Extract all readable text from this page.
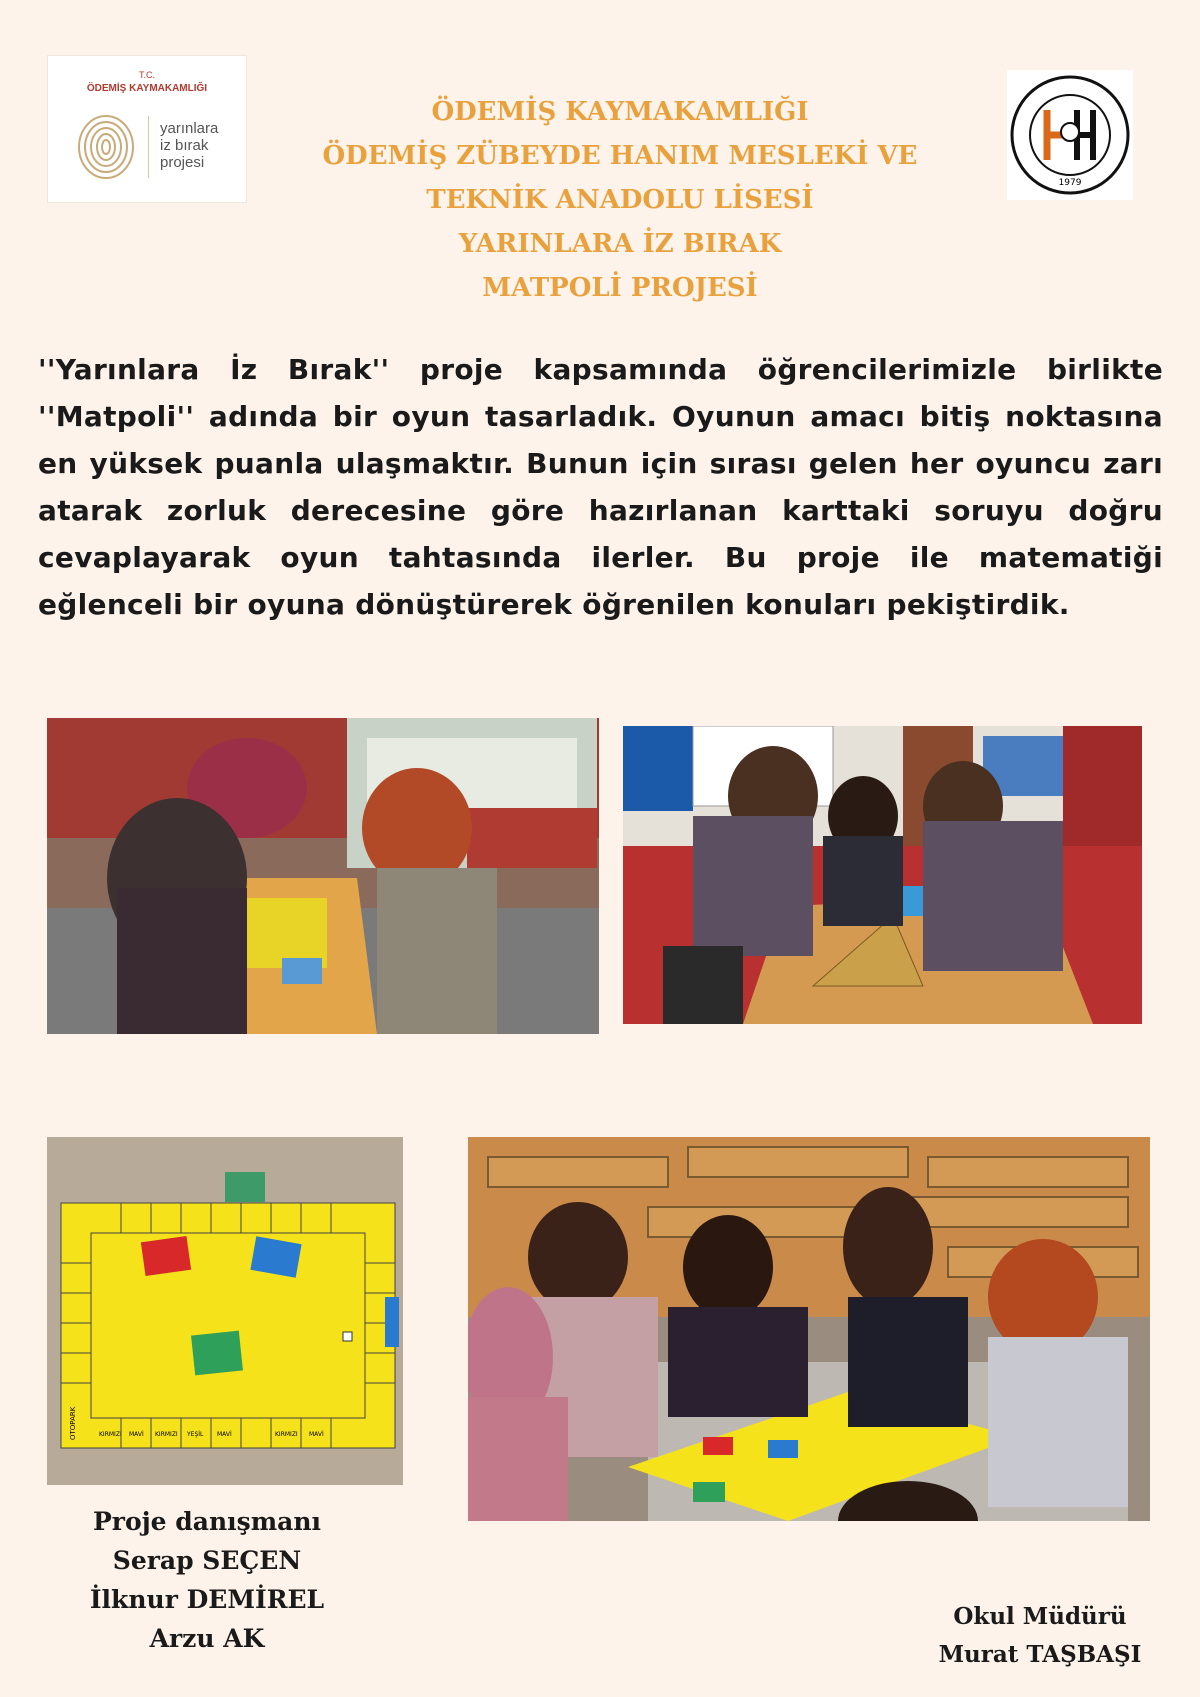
T.C.
ÖDEMİŞ KAYMAKAMLIĞI
yarınlara
iz bırak
projesi
1979
ÖDEMİŞ KAYMAKAMLIĞI
ÖDEMİŞ ZÜBEYDE HANIM MESLEKİ VE
TEKNİK ANADOLU LİSESİ
YARINLARA İZ BIRAK
MATPOLİ PROJESİ
''Yarınlara İz Bırak'' proje kapsamında öğrencilerimizle birlikte ''Matpoli'' adında bir oyun tasarladık. Oyunun amacı bitiş noktasına en yüksek puanla ulaşmaktır. Bunun için sırası gelen her oyuncu zarı atarak zorluk derecesine göre hazırlanan karttaki soruyu doğru cevaplayarak oyun tahtasında ilerler. Bu proje ile matematiği eğlenceli bir oyuna dönüştürerek öğrenilen konuları pekiştirdik.
OTOPARK	KIRMIZI MAVİ KIRMIZI YEŞİL MAVİ	KIRMIZI MAVİ
Proje danışmanı
Serap SEÇEN
İlknur DEMİREL
Arzu AK
Okul Müdürü
Murat TAŞBAŞI
